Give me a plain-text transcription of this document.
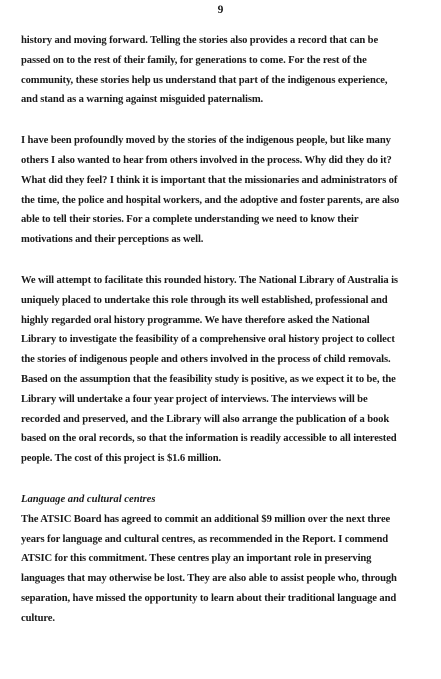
9

history and moving forward. Telling the stories also provides a record that can be
passed on to the rest of their family, for generations to come. For the rest of the
community, these stories help us understand that part of the indigenous experience,
and stand as a warning against misguided paternalism.

I have been profoundly moved by the stories of the indigenous people, but like many
others I also wanted to hear from others involved in the process. Why did they do it?
What did they feel? I think it is important that the missionaries and administrators of
the time, the police and hospital workers, and the adoptive and foster parents, are also
able to tell their stories. For a complete understanding we need to know their
motivations and their perceptions as well.

We will attempt to facilitate this rounded history. The National Library of Australia is
uniquely placed to undertake this role through its well established, professional and
highly regarded oral history programme. We have therefore asked the National
Library to investigate the feasibility of a comprehensive oral history project to collect
the stories of indigenous people and others involved in the process of child removals.
Based on the assumption that the feasibility study is positive, as we expect it to be, the
Library will undertake a four year project of interviews. The interviews will be
recorded and preserved, and the Library will also arrange the publication of a book
based on the oral records, so that the information is readily accessible to all interested
people. The cost of this project is $1.6 million.

Language and cultural centres

The ATSIC Board has agreed to commit an additional $9 million over the next three
years for language and cultural centres, as recommended in the Report. I commend
ATSIC for this commitment. These centres play an important role in preserving
languages that may otherwise be lost. They are also able to assist people who, through
separation, have missed the opportunity to learn about their traditional language and
culture.
